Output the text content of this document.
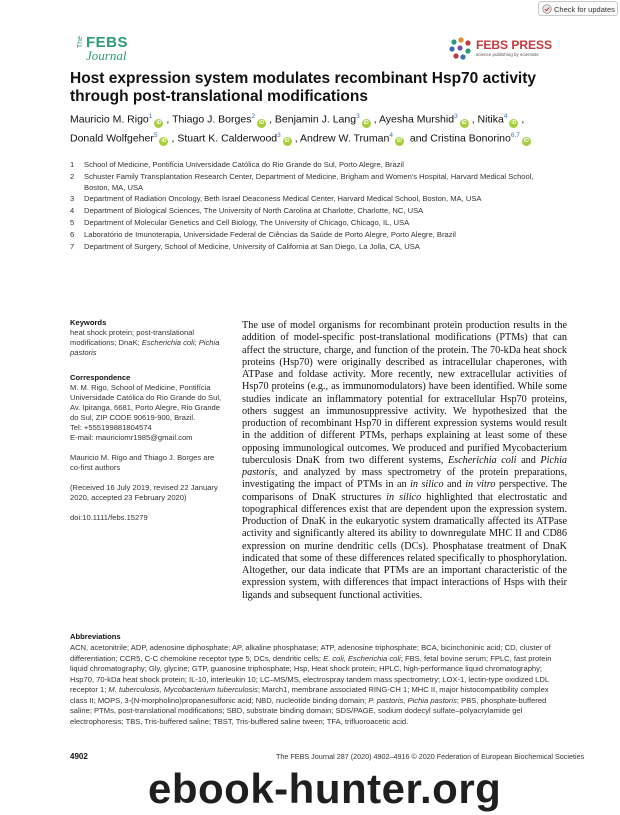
Check for updates
The FEBS
Journal
FEBS PRESS
science publishing by scientists
Host expression system modulates recombinant Hsp70 activity through post-translational modifications

Mauricio M. Rigo$^1$iD , Thiago J. Borges$^2$iD , Benjamin J. Lang$^3$iD , Ayesha Murshid$^3$iD , Nitika$^4$iD , Donald Wolfgeher$^5$iD , Stuart K. Calderwood$^3$iD , Andrew W. Truman$^4$iD and Cristina Bonorino$^{6,7}$iD

1 School of Medicine, Pontifícia Universidade Católica do Rio Grande do Sul, Porto Alegre, Brazil
2 Schuster Family Transplantation Research Center, Department of Medicine, Brigham and Women's Hospital, Harvard Medical School, Boston, MA, USA
3 Department of Radiation Oncology, Beth Israel Deaconess Medical Center, Harvard Medical School, Boston, MA, USA
4 Department of Biological Sciences, The University of North Carolina at Charlotte, Charlotte, NC, USA
5 Department of Molecular Genetics and Cell Biology, The University of Chicago, Chicago, IL, USA
6 Laboratório de Imunoterapia, Universidade Federal de Ciências da Saúde de Porto Alegre, Porto Alegre, Brazil
7 Department of Surgery, School of Medicine, University of California at San Diego, La Jolla, CA, USA
Keywords

heat shock protein; post-translational modifications; DnaK; Escherichia coli; Pichia pastoris

Correspondence

M. M. Rigo, School of Medicine, Pontifícia Universidade Católica do Rio Grande do Sul, Av. Ipiranga, 6681, Porto Alegre, Rio Grande do Sul, ZIP CODE 90619-900, Brazil.

Tel: +555199881804574

E-mail: mauriciomr1985@gmail.com

Mauricio M. Rigo and Thiago J. Borges are co-first authors

(Received 16 July 2019, revised 22 January 2020, accepted 23 February 2020)

doi:10.1111/febs.15279

The use of model organisms for recombinant protein production results in the addition of model-specific post-translational modifications (PTMs) that can affect the structure, charge, and function of the protein. The 70-kDa heat shock proteins (Hsp70) were originally described as intracellular chaperones, with ATPase and foldase activity. More recently, new extracellular activities of Hsp70 proteins (e.g., as immunomodulators) have been identified. While some studies indicate an inflammatory potential for extracellular Hsp70 proteins, others suggest an immunosuppressive activity. We hypothesized that the production of recombinant Hsp70 in different expression systems would result in the addition of different PTMs, perhaps explaining at least some of these opposing immunological outcomes. We produced and purified Mycobacterium tuberculosis DnaK from two different systems, Escherichia coli and Pichia pastoris, and analyzed by mass spectrometry of the protein preparations, investigating the impact of PTMs in an in silico and in vitro perspective. The comparisons of DnaK structures in silico highlighted that electrostatic and topographical differences exist that are dependent upon the expression system. Production of DnaK in the eukaryotic system dramatically affected its ATPase activity and significantly altered its ability to downregulate MHC II and CD86 expression on murine dendritic cells (DCs). Phosphatase treatment of DnaK indicated that some of these differences related specifically to phosphorylation. Altogether, our data indicate that PTMs are an important characteristic of the expression system, with differences that impact interactions of Hsps with their ligands and subsequent functional activities.

Abbreviations

ACN, acetonitrile; ADP, adenosine diphosphate; AP, alkaline phosphatase; ATP, adenosine triphosphate; BCA, bicinchoninic acid; CD, cluster of differentiation; CCR5, C-C chemokine receptor type 5; DCs, dendritic cells; E. coli, Escherichia coli; FBS, fetal bovine serum; FPLC, fast protein liquid chromatography; Gly, glycine; GTP, guanosine triphosphate; Hsp, Heat shock protein; HPLC, high-performance liquid chromatography; Hsp70, 70-kDa heat shock protein; IL-10, interleukin 10; LC–MS/MS, electrospray tandem mass spectrometry; LOX-1, lectin-type oxidized LDL receptor 1; M. tuberculosis, Mycobacterium tuberculosis; March1, membrane associated RING-CH 1; MHC II, major histocompatibility complex class II; MOPS, 3-(N-morpholino)propanesulfonic acid; NBD, nucleotide binding domain; P. pastoris, Pichia pastoris; PBS, phosphate-buffered saline; PTMs, post-translational modifications; SBD, substrate binding domain; SDS/PAGE, sodium dodecyl sulfate–polyacrylamide gel electrophoresis; TBS, Tris-buffered saline; TBST, Tris-buffered saline tween; TFA, trifluoroacetic acid.

4902	The FEBS Journal 287 (2020) 4902–4916 © 2020 Federation of European Biochemical Societies
ebook-hunter.org
